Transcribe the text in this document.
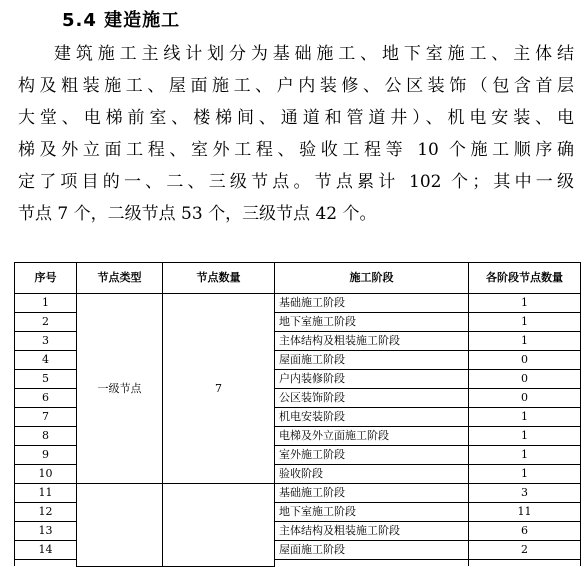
5.4 建造施工
建筑施工主线计划分为基础施工、地下室施工、主体结
构及粗装施工、屋面施工、户内装修、公区装饰（包含首层
大堂、电梯前室、楼梯间、通道和管道井）、机电安装、电
梯及外立面工程、室外工程、验收工程等 10 个施工顺序确
定了项目的一、二、三级节点。节点累计 102 个；其中一级
节点 7 个，二级节点 53 个，三级节点 42 个。
序号	节点类型	节点数量	施工阶段	各阶段节点数量
1	一级节点	7	基础施工阶段	1
2			地下室施工阶段	1
3			主体结构及粗装施工阶段	1
4			屋面施工阶段	0
5			户内装修阶段	0
6			公区装饰阶段	0
7			机电安装阶段	1
8			电梯及外立面施工阶段	1
9			室外施工阶段	1
10			验收阶段	1
11			基础施工阶段	3
12			地下室施工阶段	11
13			主体结构及粗装施工阶段	6
14			屋面施工阶段	2
